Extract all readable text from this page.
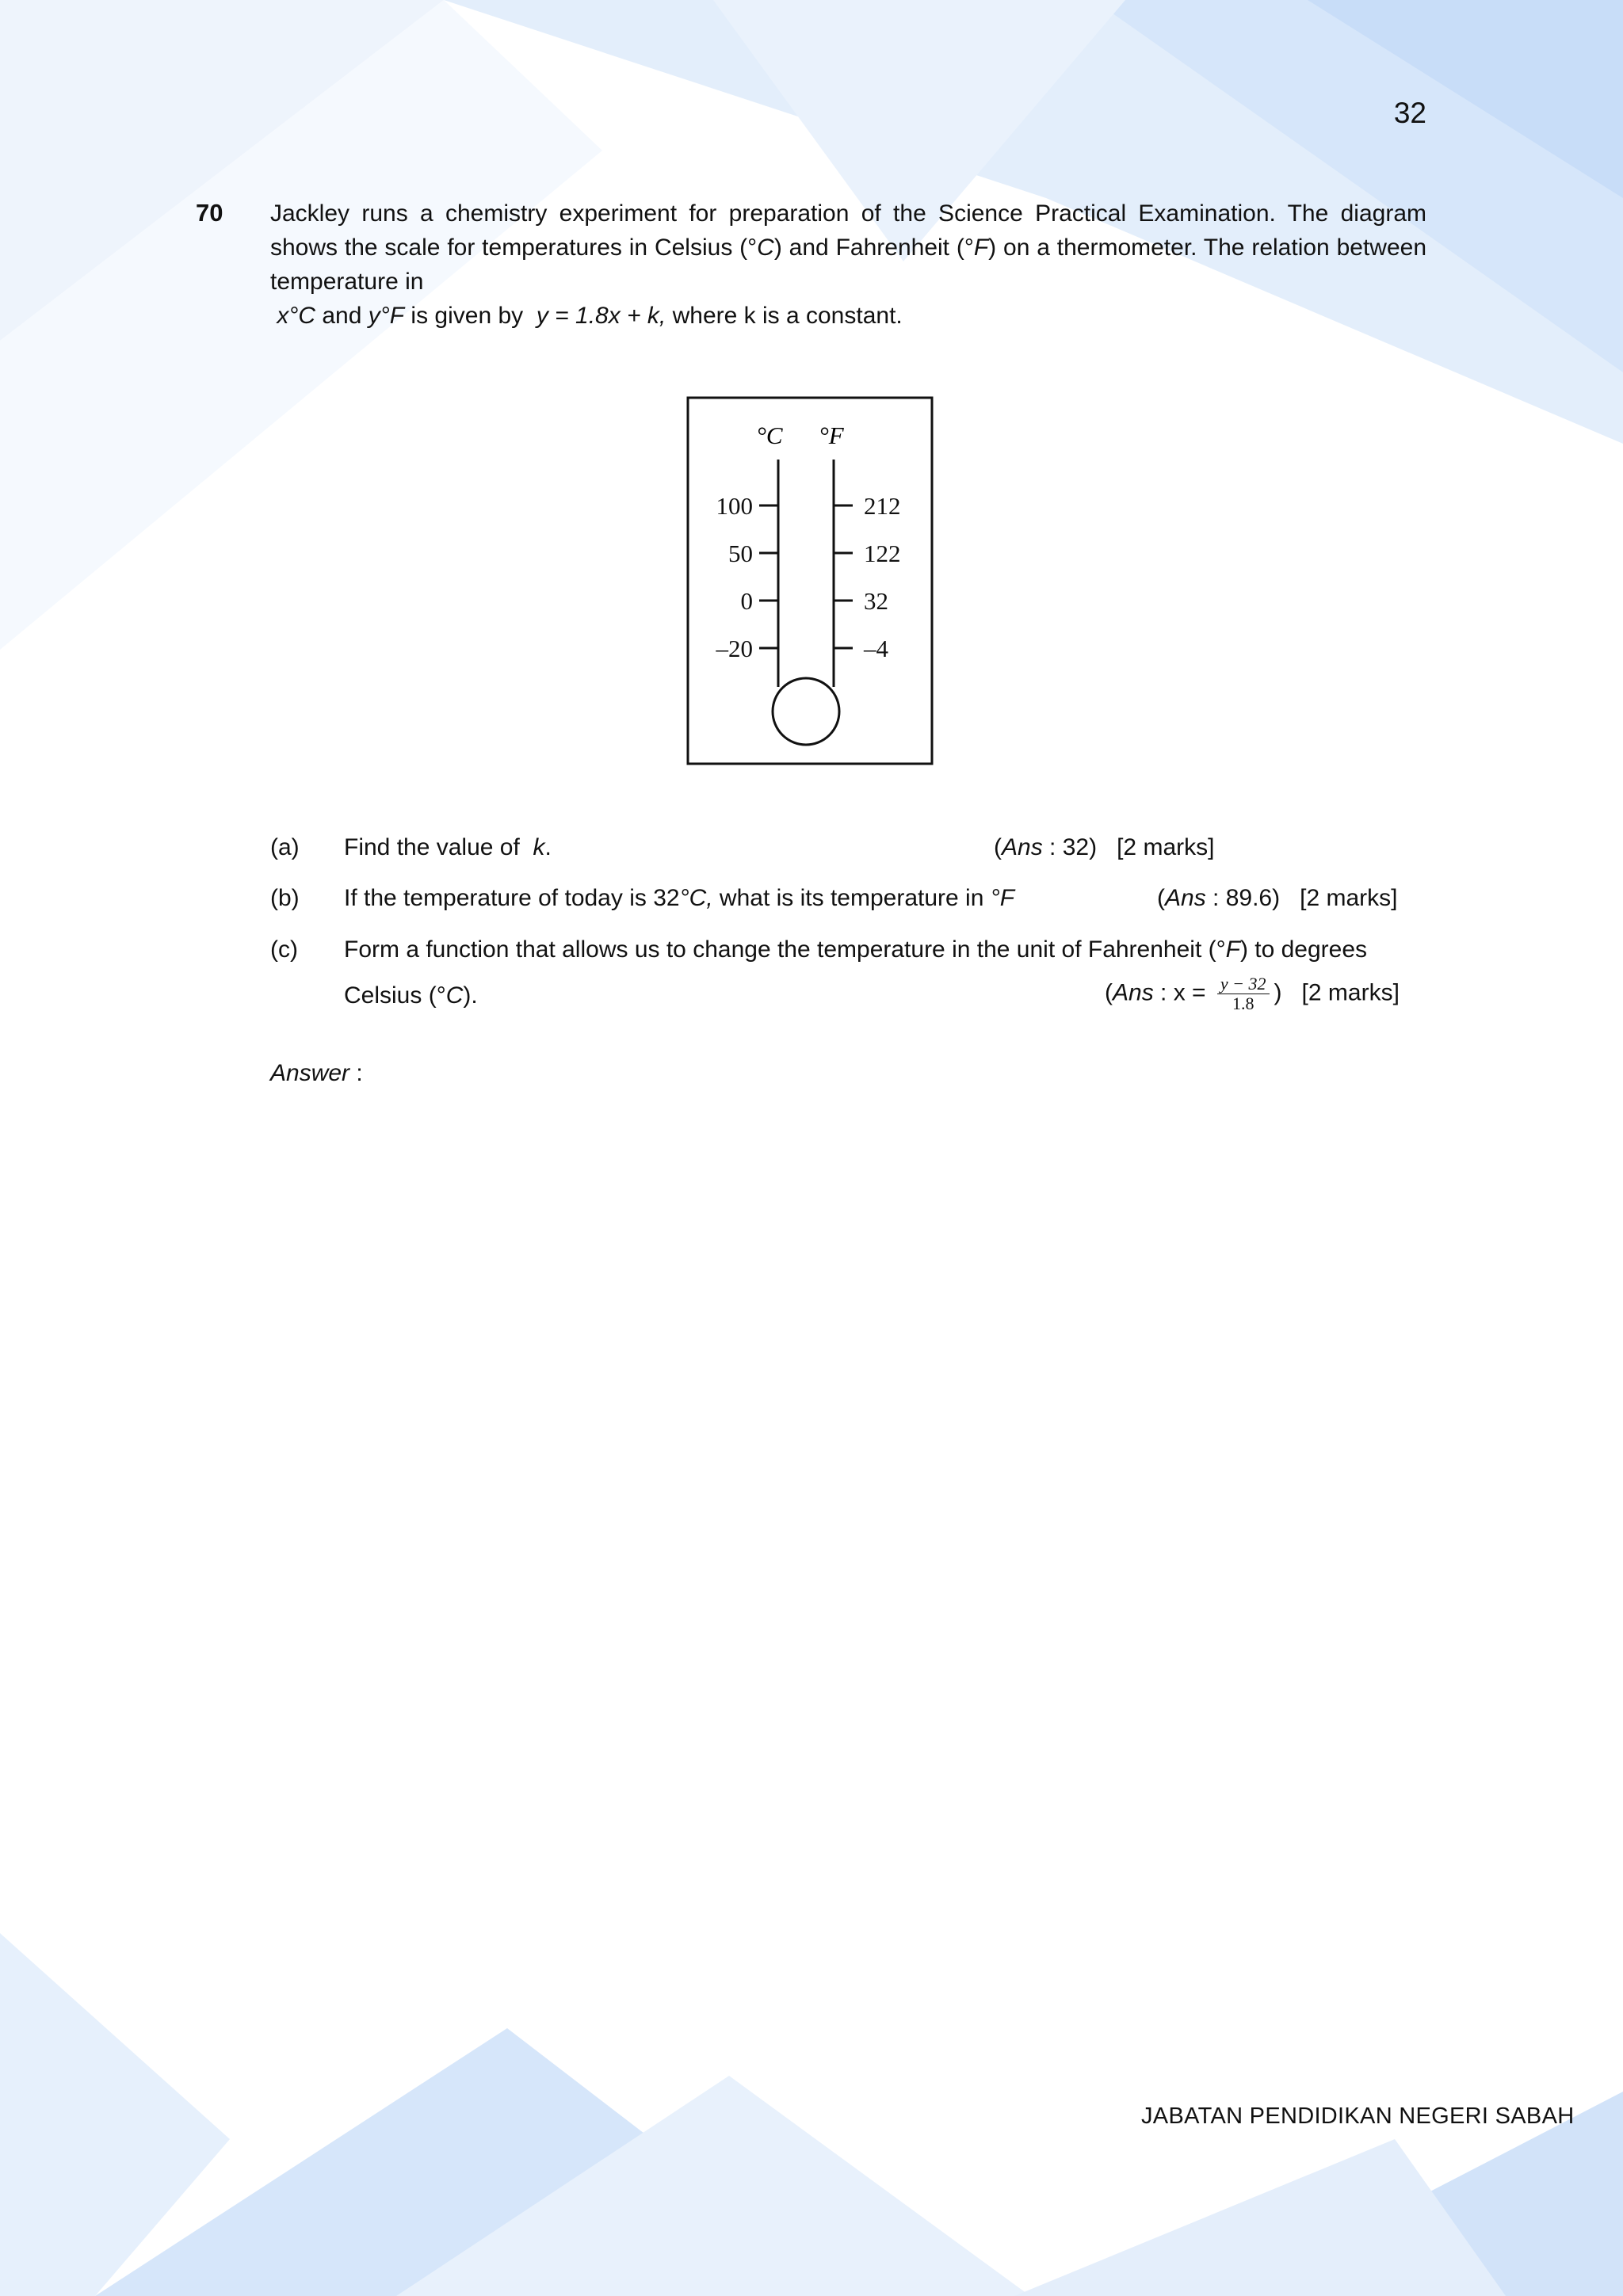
32
70 Jackley runs a chemistry experiment for preparation of the Science Practical Examination. The diagram shows the scale for temperatures in Celsius (°C) and Fahrenheit (°F) on a thermometer. The relation between temperature in

x°C and y°F is given by  y = 1.8x + k, where k is a constant.
°C °F
100
50
0
–20
212
122
32
–4
(a) Find the value of  k.	(Ans : 32) [2 marks]
(b) If the temperature of today is 32°C, what is its temperature in °F	(Ans : 89.6) [2 marks]
(c) Form a function that allows us to change the temperature in the unit of Fahrenheit (°F) to degrees
Celsius (°C).	(Ans : $x = \frac{y - 32}{1.8}$ ) [2 marks]
Answer :
JABATAN PENDIDIKAN NEGERI SABAH
